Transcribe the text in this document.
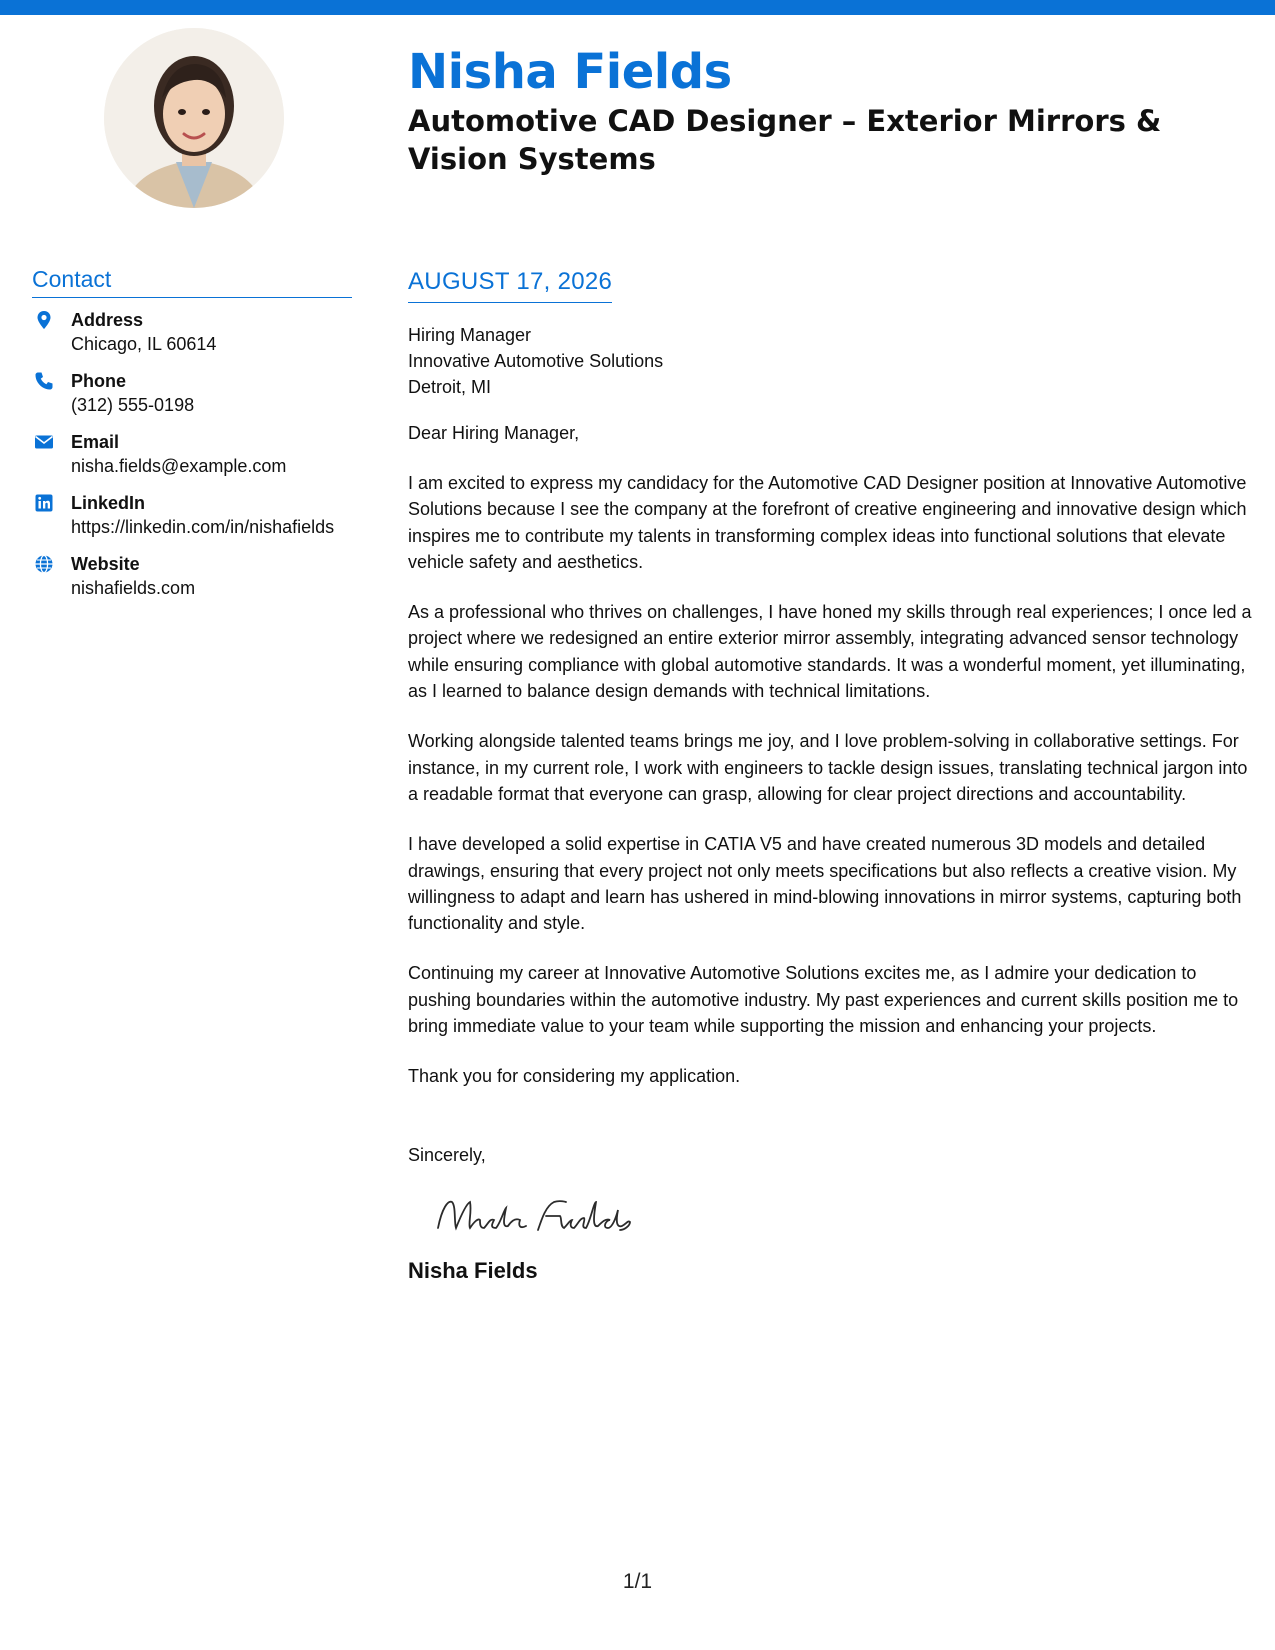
Nisha Fields
Automotive CAD Designer – Exterior Mirrors & Vision Systems
Contact
Address
Chicago, IL 60614
Phone
(312) 555-0198
Email
nisha.fields@example.com
LinkedIn
https://linkedin.com/in/nishafields
Website
nishafields.com
AUGUST 17, 2026
Hiring Manager
Innovative Automotive Solutions
Detroit, MI
Dear Hiring Manager,

I am excited to express my candidacy for the Automotive CAD Designer position at Innovative Automotive Solutions because I see the company at the forefront of creative engineering and innovative design which inspires me to contribute my talents in transforming complex ideas into functional solutions that elevate vehicle safety and aesthetics.

As a professional who thrives on challenges, I have honed my skills through real experiences; I once led a project where we redesigned an entire exterior mirror assembly, integrating advanced sensor technology while ensuring compliance with global automotive standards. It was a wonderful moment, yet illuminating, as I learned to balance design demands with technical limitations.

Working alongside talented teams brings me joy, and I love problem-solving in collaborative settings. For instance, in my current role, I work with engineers to tackle design issues, translating technical jargon into a readable format that everyone can grasp, allowing for clear project directions and accountability.

I have developed a solid expertise in CATIA V5 and have created numerous 3D models and detailed drawings, ensuring that every project not only meets specifications but also reflects a creative vision. My willingness to adapt and learn has ushered in mind-blowing innovations in mirror systems, capturing both functionality and style.

Continuing my career at Innovative Automotive Solutions excites me, as I admire your dedication to pushing boundaries within the automotive industry. My past experiences and current skills position me to bring immediate value to your team while supporting the mission and enhancing your projects.

Thank you for considering my application.

Sincerely,
Nisha Fields
1/1
